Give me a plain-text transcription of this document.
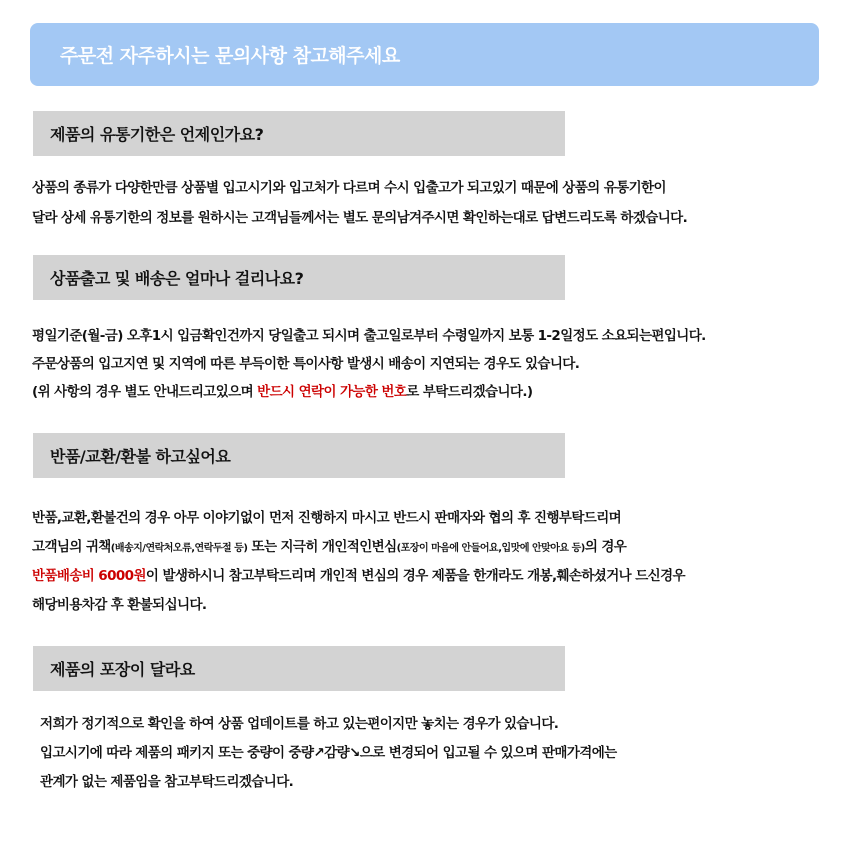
주문전 자주하시는 문의사항 참고해주세요
제품의 유통기한은 언제인가요?
상품의 종류가 다양한만큼 상품별 입고시기와 입고처가 다르며 수시 입출고가 되고있기 때문에 상품의 유통기한이
달라 상세 유통기한의 정보를 원하시는 고객님들께서는 별도 문의남겨주시면 확인하는대로 답변드리도록 하겠습니다.
상품출고 및 배송은 얼마나 걸리나요?
평일기준(월-금) 오후1시 입금확인건까지 당일출고 되시며 출고일로부터 수령일까지 보통 1-2일정도 소요되는편입니다.
주문상품의 입고지연 및 지역에 따른 부득이한 특이사항 발생시 배송이 지연되는 경우도 있습니다.
(위 사항의 경우 별도 안내드리고있으며 반드시 연락이 가능한 번호로 부탁드리겠습니다.)
반품/교환/환불 하고싶어요
반품,교환,환불건의 경우 아무 이야기없이 먼저 진행하지 마시고 반드시 판매자와 협의 후 진행부탁드리며
고객님의 귀책(배송지/연락처오류,연락두절 등) 또는 지극히 개인적인변심(포장이 마음에 안들어요,입맛에 안맞아요 등)의 경우
반품배송비 6000원이 발생하시니 참고부탁드리며 개인적 변심의 경우 제품을 한개라도 개봉,훼손하셨거나 드신경우
해당비용차감 후 환불되십니다.
제품의 포장이 달라요
저희가 정기적으로 확인을 하여 상품 업데이트를 하고 있는편이지만 놓치는 경우가 있습니다.
입고시기에 따라 제품의 패키지 또는 중량이 중량↗감량↘으로 변경되어 입고될 수 있으며 판매가격에는
관계가 없는 제품임을 참고부탁드리겠습니다.
